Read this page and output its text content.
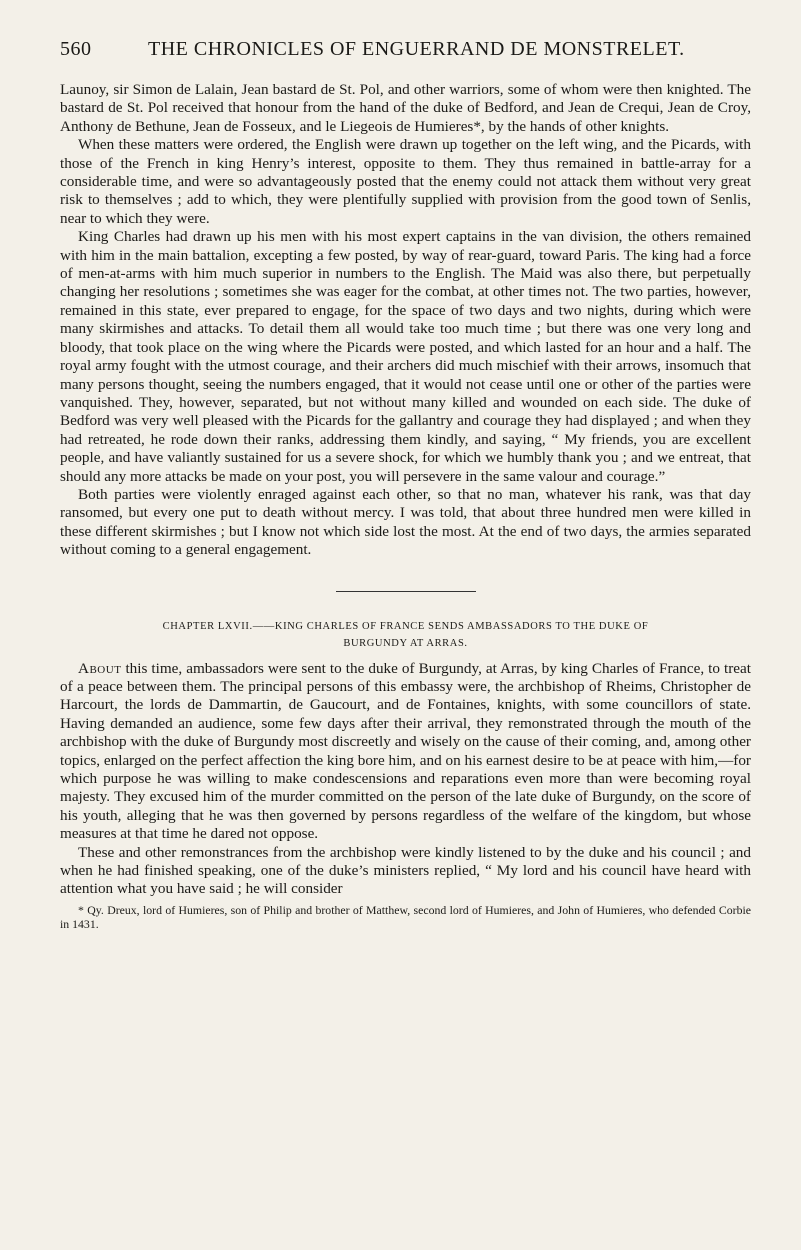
560	THE CHRONICLES OF ENGUERRAND DE MONSTRELET.

Launoy, sir Simon de Lalain, Jean bastard de St. Pol, and other warriors, some of whom were then knighted. The bastard de St. Pol received that honour from the hand of the duke of Bedford, and Jean de Crequi, Jean de Croy, Anthony de Bethune, Jean de Fosseux, and le Liegeois de Humieres*, by the hands of other knights.

When these matters were ordered, the English were drawn up together on the left wing, and the Picards, with those of the French in king Henry’s interest, opposite to them. They thus remained in battle-array for a considerable time, and were so advantageously posted that the enemy could not attack them without very great risk to themselves ; add to which, they were plentifully supplied with provision from the good town of Senlis, near to which they were.

King Charles had drawn up his men with his most expert captains in the van division, the others remained with him in the main battalion, excepting a few posted, by way of rear-guard, toward Paris. The king had a force of men-at-arms with him much superior in numbers to the English. The Maid was also there, but perpetually changing her resolutions ; sometimes she was eager for the combat, at other times not. The two parties, however, remained in this state, ever prepared to engage, for the space of two days and two nights, during which were many skirmishes and attacks. To detail them all would take too much time ; but there was one very long and bloody, that took place on the wing where the Picards were posted, and which lasted for an hour and a half. The royal army fought with the utmost courage, and their archers did much mischief with their arrows, insomuch that many persons thought, seeing the numbers engaged, that it would not cease until one or other of the parties were vanquished. They, however, separated, but not without many killed and wounded on each side. The duke of Bedford was very well pleased with the Picards for the gallantry and courage they had displayed ; and when they had retreated, he rode down their ranks, addressing them kindly, and saying, “ My friends, you are excellent people, and have valiantly sustained for us a severe shock, for which we humbly thank you ; and we entreat, that should any more attacks be made on your post, you will persevere in the same valour and courage.”

Both parties were violently enraged against each other, so that no man, whatever his rank, was that day ransomed, but every one put to death without mercy. I was told, that about three hundred men were killed in these different skirmishes ; but I know not which side lost the most. At the end of two days, the armies separated without coming to a general engagement.

CHAPTER LXVII.——KING CHARLES OF FRANCE SENDS AMBASSADORS TO THE DUKE OF
BURGUNDY AT ARRAS.

About this time, ambassadors were sent to the duke of Burgundy, at Arras, by king Charles of France, to treat of a peace between them. The principal persons of this embassy were, the archbishop of Rheims, Christopher de Harcourt, the lords de Dammartin, de Gaucourt, and de Fontaines, knights, with some councillors of state. Having demanded an audience, some few days after their arrival, they remonstrated through the mouth of the archbishop with the duke of Burgundy most discreetly and wisely on the cause of their coming, and, among other topics, enlarged on the perfect affection the king bore him, and on his earnest desire to be at peace with him,—for which purpose he was willing to make condescensions and reparations even more than were becoming royal majesty. They excused him of the murder committed on the person of the late duke of Burgundy, on the score of his youth, alleging that he was then governed by persons regardless of the welfare of the kingdom, but whose measures at that time he dared not oppose.

These and other remonstrances from the archbishop were kindly listened to by the duke and his council ; and when he had finished speaking, one of the duke’s ministers replied, “ My lord and his council have heard with attention what you have said ; he will consider

* Qy. Dreux, lord of Humieres, son of Philip and brother of Matthew, second lord of Humieres, and John of Humieres, who defended Corbie in 1431.
